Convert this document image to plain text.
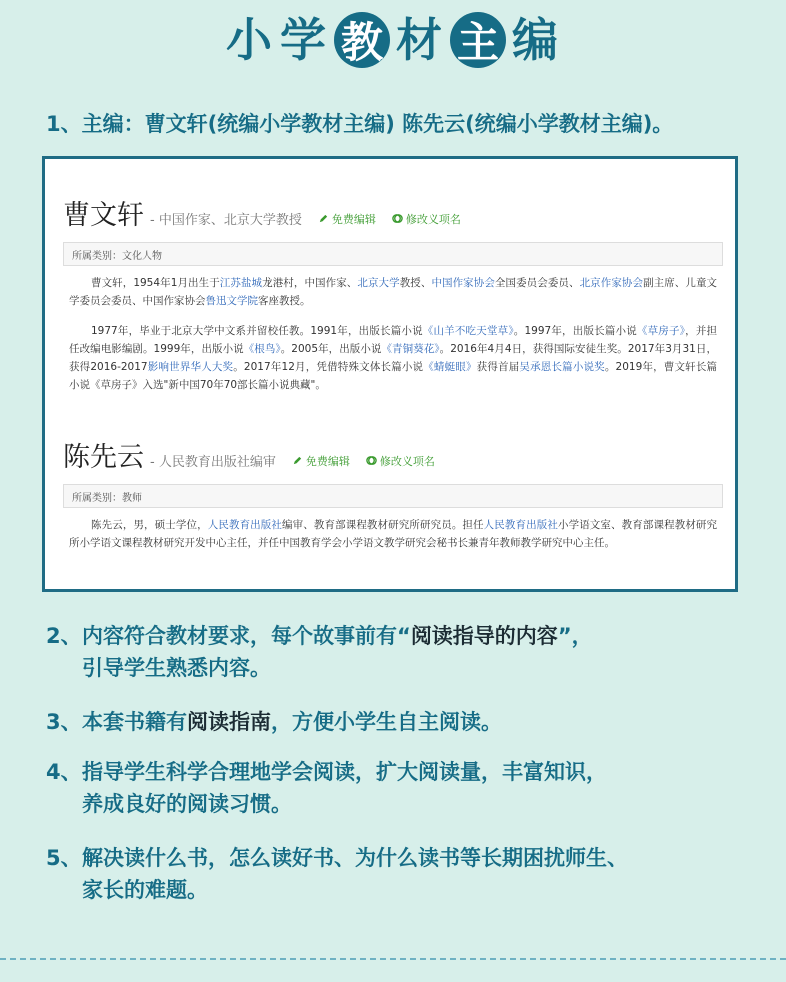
小 学 教 材 主 编
1、主编：曹文轩(统编小学教材主编) 陈先云(统编小学教材主编)。
曹文轩 - 中国作家、北京大学教授	免费编辑	修改义项名
所属类别：文化人物
曹文轩，1954年1月出生于江苏盐城龙港村，中国作家、北京大学教授、中国作家协会全国委员会委员、北京作家协会副主席、儿童文学委员会委员、中国作家协会鲁迅文学院客座教授。
1977年，毕业于北京大学中文系并留校任教。1991年，出版长篇小说《山羊不吃天堂草》。1997年，出版长篇小说《草房子》，并担任改编电影编剧。1999年，出版小说《根鸟》。2005年，出版小说《青铜葵花》。2016年4月4日，获得国际安徒生奖。2017年3月31日，获得2016-2017影响世界华人大奖。2017年12月，凭借特殊文体长篇小说《蜻蜓眼》获得首届吴承恩长篇小说奖。2019年，曹文轩长篇小说《草房子》入选"新中国70年70部长篇小说典藏"。
陈先云 - 人民教育出版社编审	免费编辑	修改义项名
所属类别：教师
陈先云，男，硕士学位，人民教育出版社编审、教育部课程教材研究所研究员。担任人民教育出版社小学语文室、教育部课程教材研究所小学语文课程教材研究开发中心主任，并任中国教育学会小学语文教学研究会秘书长兼青年教师教学研究中心主任。
2、内容符合教材要求，每个故事前有“阅读指导的内容”，
引导学生熟悉内容。
3、本套书籍有阅读指南，方便小学生自主阅读。
4、指导学生科学合理地学会阅读，扩大阅读量，丰富知识，
养成良好的阅读习惯。
5、解决读什么书，怎么读好书、为什么读书等长期困扰师生、
家长的难题。
